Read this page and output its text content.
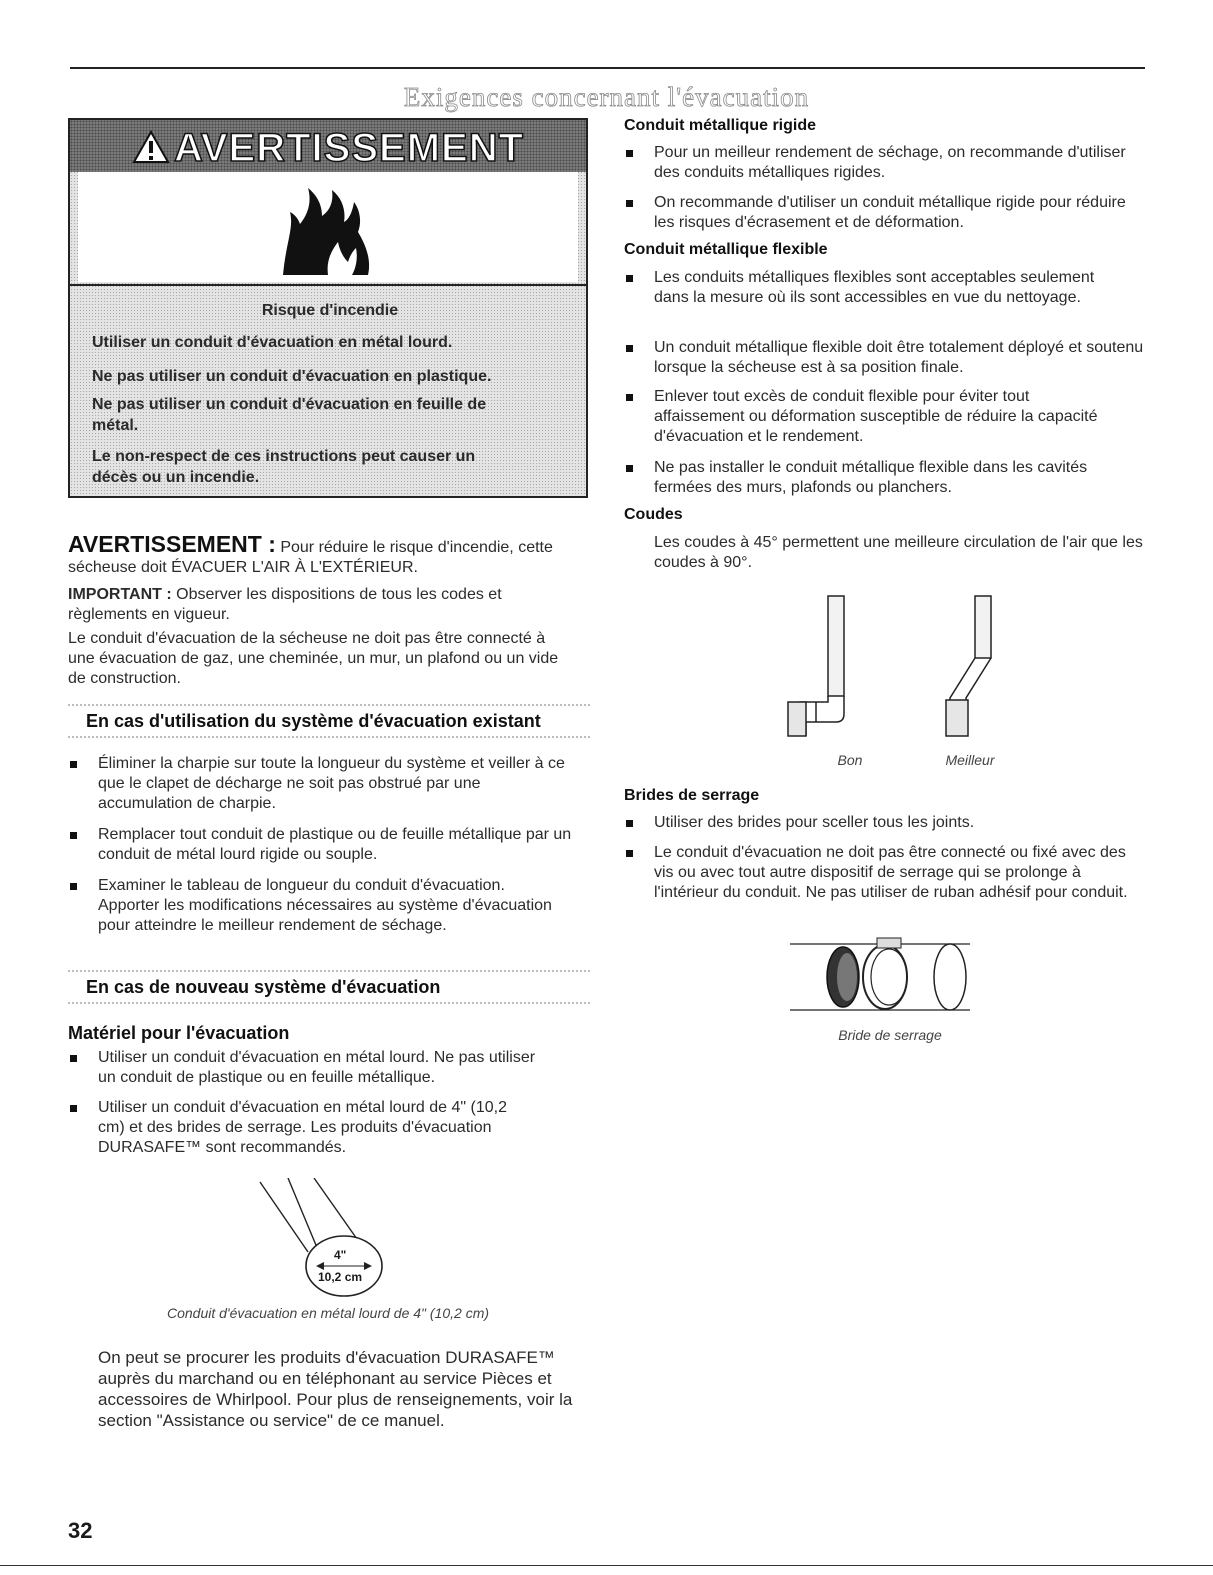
Exigences concernant l'évacuation
AVERTISSEMENT
Risque d'incendie
Utiliser un conduit d'évacuation en métal lourd.
Ne pas utiliser un conduit d'évacuation en plastique.
Ne pas utiliser un conduit d'évacuation en feuille de métal.
Le non-respect de ces instructions peut causer un décès ou un incendie.
AVERTISSEMENT : Pour réduire le risque d'incendie, cette sécheuse doit ÉVACUER L'AIR À L'EXTÉRIEUR.
IMPORTANT : Observer les dispositions de tous les codes et règlements en vigueur.
Le conduit d'évacuation de la sécheuse ne doit pas être connecté à une évacuation de gaz, une cheminée, un mur, un plafond ou un vide de construction.
En cas d'utilisation du système d'évacuation existant
Éliminer la charpie sur toute la longueur du système et veiller à ce que le clapet de décharge ne soit pas obstrué par une accumulation de charpie.
Remplacer tout conduit de plastique ou de feuille métallique par un conduit de métal lourd rigide ou souple.
Examiner le tableau de longueur du conduit d'évacuation. Apporter les modifications nécessaires au système d'évacuation pour atteindre le meilleur rendement de séchage.
En cas de nouveau système d'évacuation
Matériel pour l'évacuation
Utiliser un conduit d'évacuation en métal lourd. Ne pas utiliser un conduit de plastique ou en feuille métallique.
Utiliser un conduit d'évacuation en métal lourd de 4" (10,2 cm) et des brides de serrage. Les produits d'évacuation DURASAFE™ sont recommandés.
4"
10,2 cm
Conduit d'évacuation en métal lourd de 4" (10,2 cm)
On peut se procurer les produits d'évacuation DURASAFE™ auprès du marchand ou en téléphonant au service Pièces et accessoires de Whirlpool. Pour plus de renseignements, voir la section "Assistance ou service" de ce manuel.
Conduit métallique rigide
Pour un meilleur rendement de séchage, on recommande d'utiliser des conduits métalliques rigides.
On recommande d'utiliser un conduit métallique rigide pour réduire les risques d'écrasement et de déformation.
Conduit métallique flexible
Les conduits métalliques flexibles sont acceptables seulement dans la mesure où ils sont accessibles en vue du nettoyage.
Un conduit métallique flexible doit être totalement déployé et soutenu lorsque la sécheuse est à sa position finale.
Enlever tout excès de conduit flexible pour éviter tout affaissement ou déformation susceptible de réduire la capacité d'évacuation et le rendement.
Ne pas installer le conduit métallique flexible dans les cavités fermées des murs, plafonds ou planchers.
Coudes
Les coudes à 45° permettent une meilleure circulation de l'air que les coudes à 90°.
Bon	Meilleur
Brides de serrage
Utiliser des brides pour sceller tous les joints.
Le conduit d'évacuation ne doit pas être connecté ou fixé avec des vis ou avec tout autre dispositif de serrage qui se prolonge à l'intérieur du conduit. Ne pas utiliser de ruban adhésif pour conduit.
Bride de serrage
32
